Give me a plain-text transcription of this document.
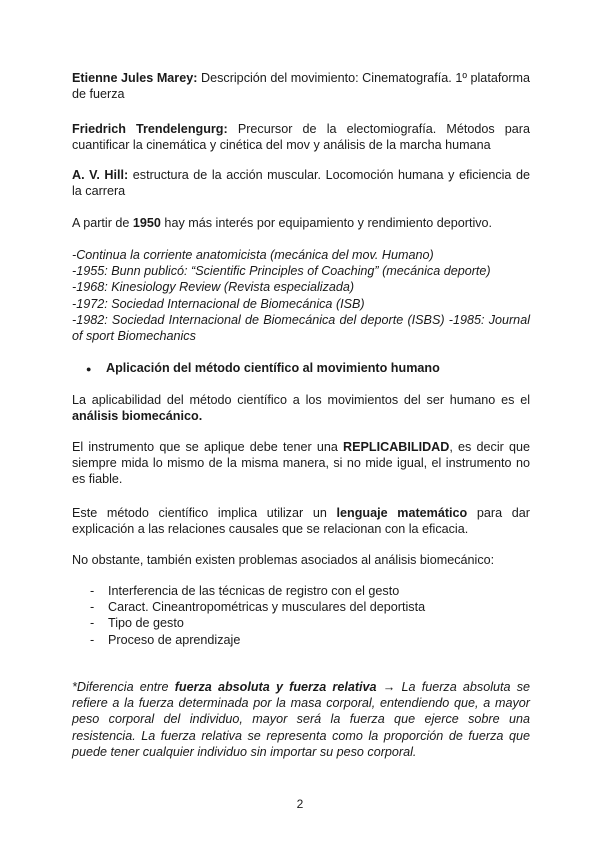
Etienne Jules Marey: Descripción del movimiento: Cinematografía. 1º plataforma de fuerza

Friedrich Trendelengurg: Precursor de la electomiografía. Métodos para cuantificar la cinemática y cinética del mov y análisis de la marcha humana

A. V. Hill: estructura de la acción muscular. Locomoción humana y eficiencia de la carrera

A partir de 1950 hay más interés por equipamiento y rendimiento deportivo.

-Continua la corriente anatomicista (mecánica del mov. Humano)

-1955: Bunn publicó: “Scientific Principles of Coaching” (mecánica deporte)

-1968: Kinesiology Review (Revista especializada)

-1972: Sociedad Internacional de Biomecánica (ISB)

-1982: Sociedad Internacional de Biomecánica del deporte (ISBS) -1985: Journal of sport Biomechanics

●	Aplicación del método científico al movimiento humano

La aplicabilidad del método científico a los movimientos del ser humano es el análisis biomecánico.

El instrumento que se aplique debe tener una REPLICABILIDAD, es decir que siempre mida lo mismo de la misma manera, si no mide igual, el instrumento no es fiable.

Este método científico implica utilizar un lenguaje matemático para dar explicación a las relaciones causales que se relacionan con la eficacia.

No obstante, también existen problemas asociados al análisis biomecánico:

-	Interferencia de las técnicas de registro con el gesto
-	Caract. Cineantropométricas y musculares del deportista
-	Tipo de gesto
-	Proceso de aprendizaje

*Diferencia entre fuerza absoluta y fuerza relativa → La fuerza absoluta se refiere a la fuerza determinada por la masa corporal, entendiendo que, a mayor peso corporal del individuo, mayor será la fuerza que ejerce sobre una resistencia. La fuerza relativa se representa como la proporción de fuerza que puede tener cualquier individuo sin importar su peso corporal.

2
